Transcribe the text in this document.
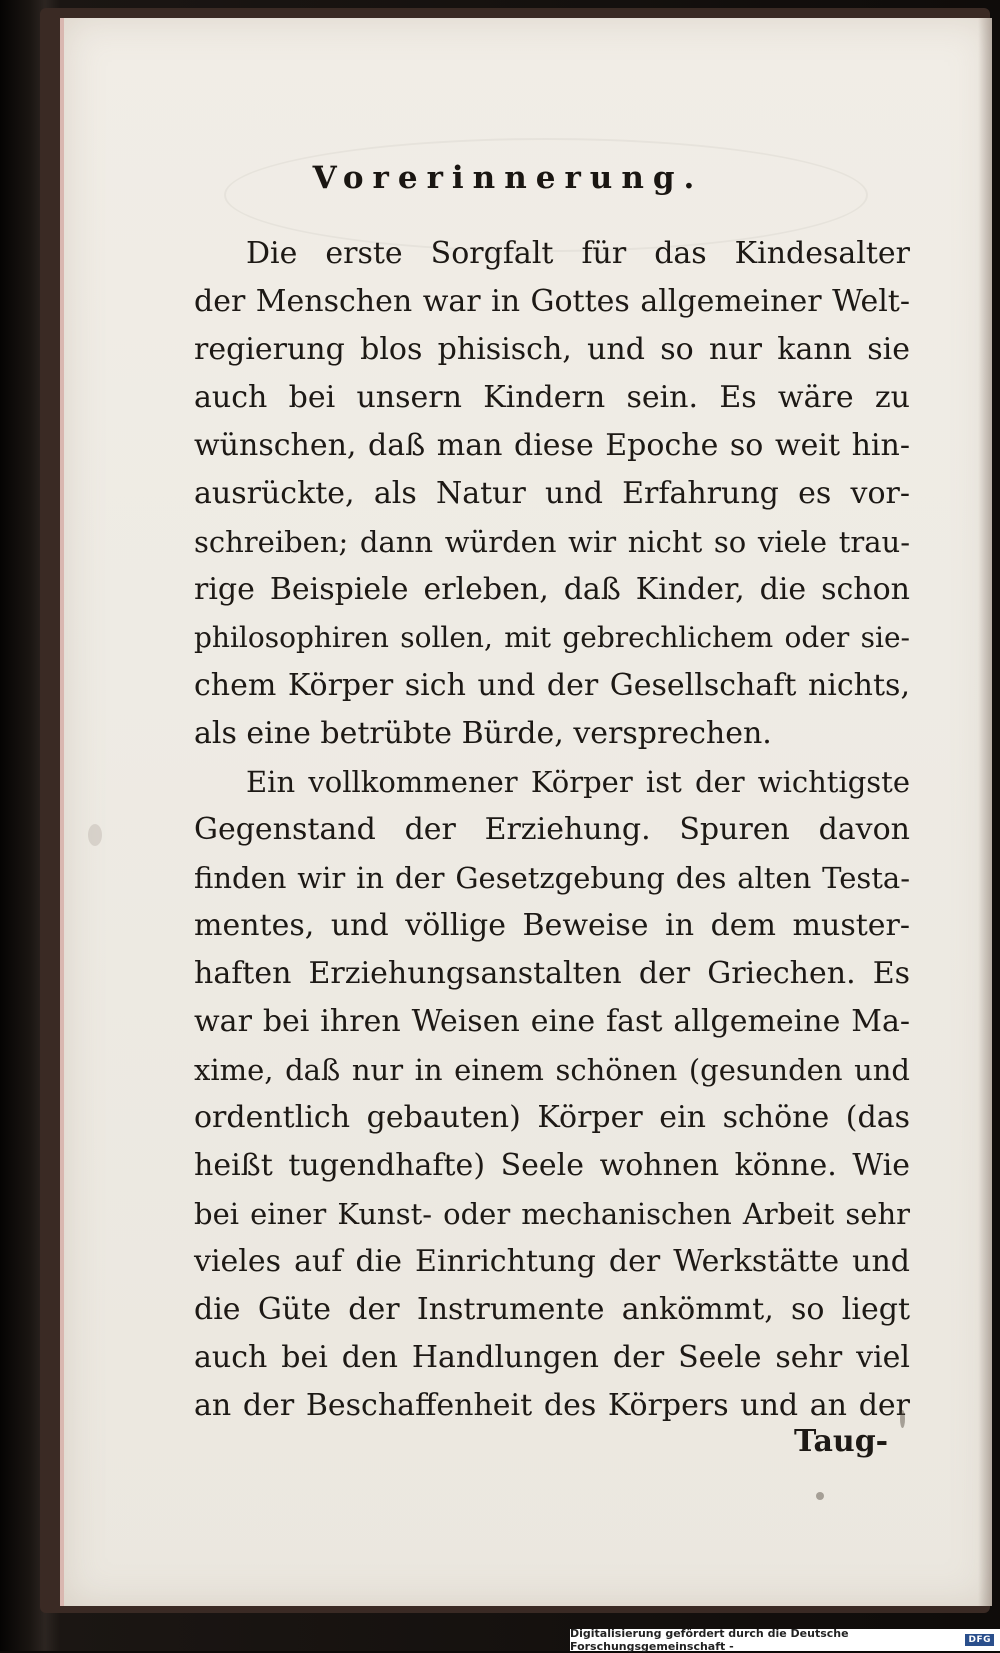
Vorerinnerung.
Die erste Sorgfalt für das Kindesalter
der Menschen war in Gottes allgemeiner Welt-
regierung blos phisisch, und so nur kann sie
auch bei unsern Kindern sein. Es wäre zu
wünschen, daß man diese Epoche so weit hin-
ausrückte, als Natur und Erfahrung es vor-
schreiben; dann würden wir nicht so viele trau-
rige Beispiele erleben, daß Kinder, die schon
philosophiren sollen, mit gebrechlichem oder sie-
chem Körper sich und der Gesellschaft nichts,
als eine betrübte Bürde, versprechen.
Ein vollkommener Körper ist der wichtigste
Gegenstand der Erziehung. Spuren davon
finden wir in der Gesetzgebung des alten Testa-
mentes, und völlige Beweise in dem muster-
haften Erziehungsanstalten der Griechen. Es
war bei ihren Weisen eine fast allgemeine Ma-
xime, daß nur in einem schönen (gesunden und
ordentlich gebauten) Körper ein schöne (das
heißt tugendhafte) Seele wohnen könne. Wie
bei einer Kunst- oder mechanischen Arbeit sehr
vieles auf die Einrichtung der Werkstätte und
die Güte der Instrumente ankömmt, so liegt
auch bei den Handlungen der Seele sehr viel
an der Beschaffenheit des Körpers und an der
Taug-
Digitalisierung gefördert durch die Deutsche Forschungsgemeinschaft -	DFG
